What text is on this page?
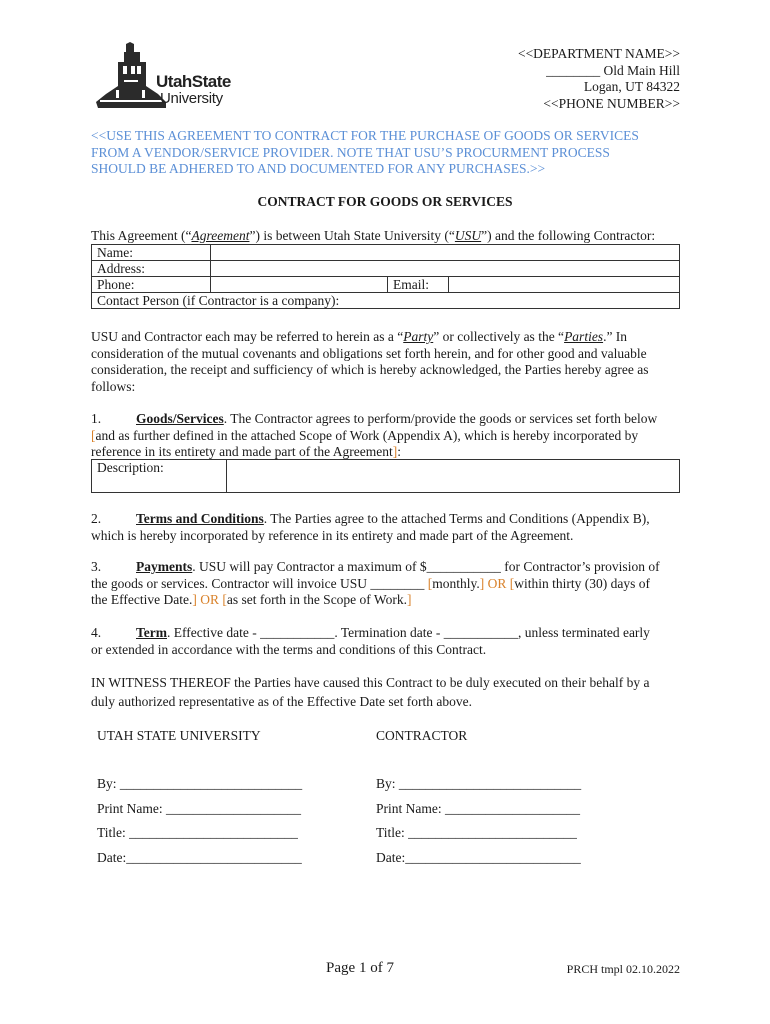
UtahState
University
<<DEPARTMENT NAME>>
________ Old Main Hill
Logan, UT 84322
<<PHONE NUMBER>>
<<USE THIS AGREEMENT TO CONTRACT FOR THE PURCHASE OF GOODS OR SERVICES
FROM A VENDOR/SERVICE PROVIDER. NOTE THAT USU’S PROCURMENT PROCESS
SHOULD BE ADHERED TO AND DOCUMENTED FOR ANY PURCHASES.>>
CONTRACT FOR GOODS OR SERVICES
This Agreement (“Agreement”) is between Utah State University (“USU”) and the following Contractor:
Name:			
Address:			
Phone:		Email:	
Contact Person (if Contractor is a company):			
USU and Contractor each may be referred to herein as a “Party” or collectively as the “Parties.” In
consideration of the mutual covenants and obligations set forth herein, and for other good and valuable
consideration, the receipt and sufficiency of which is hereby acknowledged, the Parties hereby agree as
follows:
1.	Goods/Services. The Contractor agrees to perform/provide the goods or services set forth below
[and as further defined in the attached Scope of Work (Appendix A), which is hereby incorporated by
reference in its entirety and made part of the Agreement]:
Description:	
2.	Terms and Conditions. The Parties agree to the attached Terms and Conditions (Appendix B),
which is hereby incorporated by reference in its entirety and made part of the Agreement.
3.	Payments. USU will pay Contractor a maximum of $___________ for Contractor’s provision of
the goods or services. Contractor will invoice USU ________ [monthly.] OR [within thirty (30) days of
the Effective Date.] OR [as set forth in the Scope of Work.]
4.	Term. Effective date - ___________. Termination date - ___________, unless terminated early
or extended in accordance with the terms and conditions of this Contract.
IN WITNESS THEREOF the Parties have caused this Contract to be duly executed on their behalf by a
duly authorized representative as of the Effective Date set forth above.
UTAH STATE UNIVERSITY	CONTRACTOR
By: ___________________________	By: ___________________________
Print Name: ____________________	Print Name: ____________________
Title: _________________________	Title: _________________________
Date:__________________________	Date:__________________________
Page 1 of 7	PRCH tmpl 02.10.2022
